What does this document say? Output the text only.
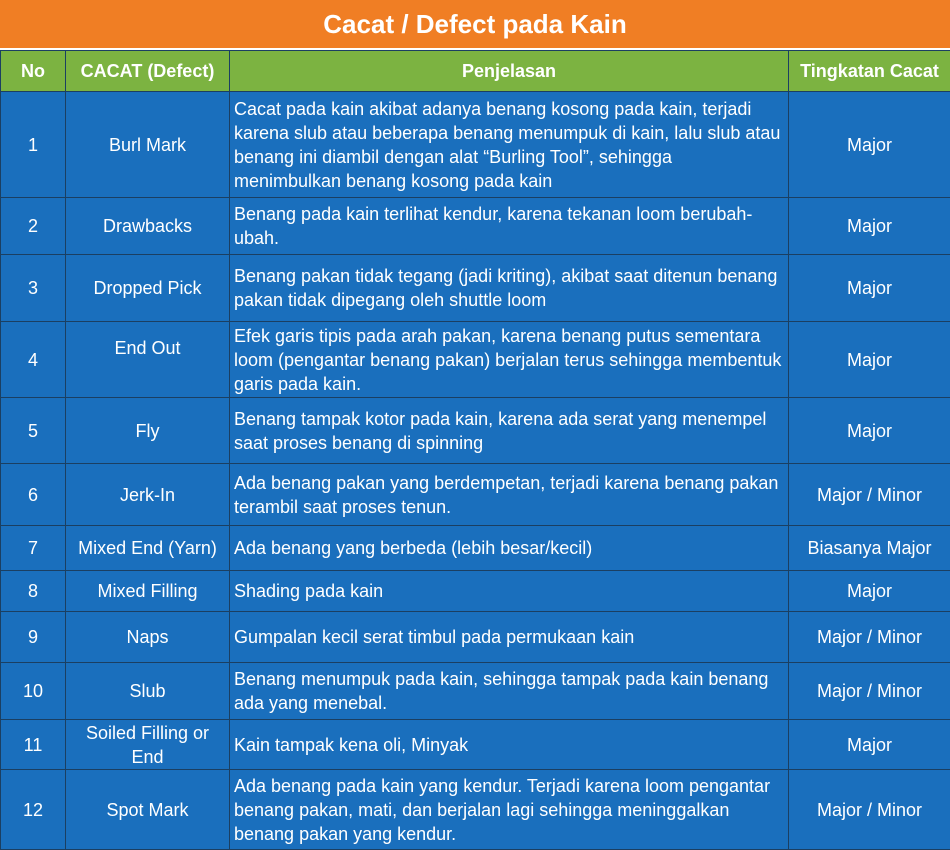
Cacat / Defect pada Kain
No	CACAT (Defect)	Penjelasan	Tingkatan Cacat
1	Burl Mark	Cacat pada kain akibat adanya benang kosong pada kain, terjadi karena slub atau beberapa benang menumpuk di kain, lalu slub atau benang ini diambil dengan alat “Burling Tool”, sehingga menimbulkan benang kosong pada kain	Major
2	Drawbacks	Benang pada kain terlihat kendur, karena tekanan loom berubah-ubah.	Major
3	Dropped Pick	Benang pakan tidak tegang (jadi kriting), akibat saat ditenun benang pakan tidak dipegang oleh shuttle loom	Major
4	End Out	Efek garis tipis pada arah pakan, karena benang putus sementara loom (pengantar benang pakan) berjalan terus sehingga membentuk garis pada kain.	Major
5	Fly	Benang tampak kotor pada kain, karena ada serat yang menempel saat proses benang di spinning	Major
6	Jerk-In	Ada benang pakan yang berdempetan, terjadi karena benang pakan terambil saat proses tenun.	Major / Minor
7	Mixed End (Yarn)	Ada benang yang berbeda (lebih besar/kecil)	Biasanya Major
8	Mixed Filling	Shading pada kain	Major
9	Naps	Gumpalan kecil serat timbul pada permukaan kain	Major / Minor
10	Slub	Benang menumpuk pada kain, sehingga tampak pada kain benang ada yang menebal.	Major / Minor
11	Soiled Filling or End	Kain tampak kena oli, Minyak	Major
12	Spot Mark	Ada benang pada kain yang kendur. Terjadi karena loom pengantar benang pakan, mati, dan berjalan lagi sehingga meninggalkan benang pakan yang kendur.	Major / Minor
